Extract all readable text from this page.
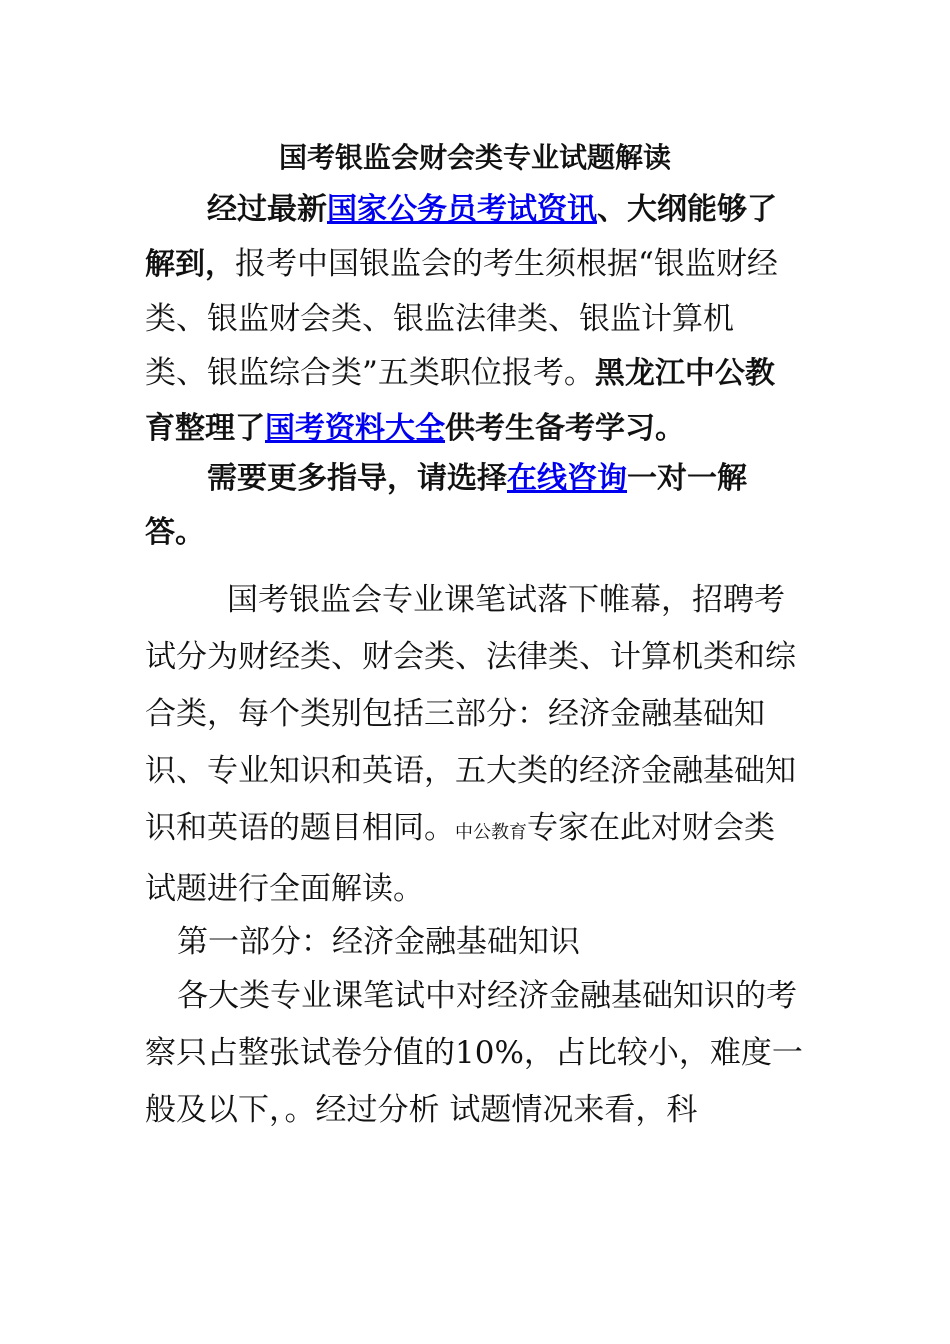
国考银监会财会类专业试题解读

经过最新国家公务员考试资讯、大纲能够了解到，报考中国银监会的考生须根据“银监财经类、银监财会类、银监法律类、银监计算机类、银监综合类”五类职位报考。黑龙江中公教育整理了国考资料大全供考生备考学习。

需要更多指导，请选择在线咨询一对一解答。

国考银监会专业课笔试落下帷幕，招聘考试分为财经类、财会类、法律类、计算机类和综合类，每个类别包括三部分：经济金融基础知识、专业知识和英语，五大类的经济金融基础知识和英语的题目相同。中公教育专家在此对财会类试题进行全面解读。

第一部分：经济金融基础知识

各大类专业课笔试中对经济金融基础知识的考察只占整张试卷分值的10%，占比较小，难度一般及以下，。经过分析 试题情况来看，科
